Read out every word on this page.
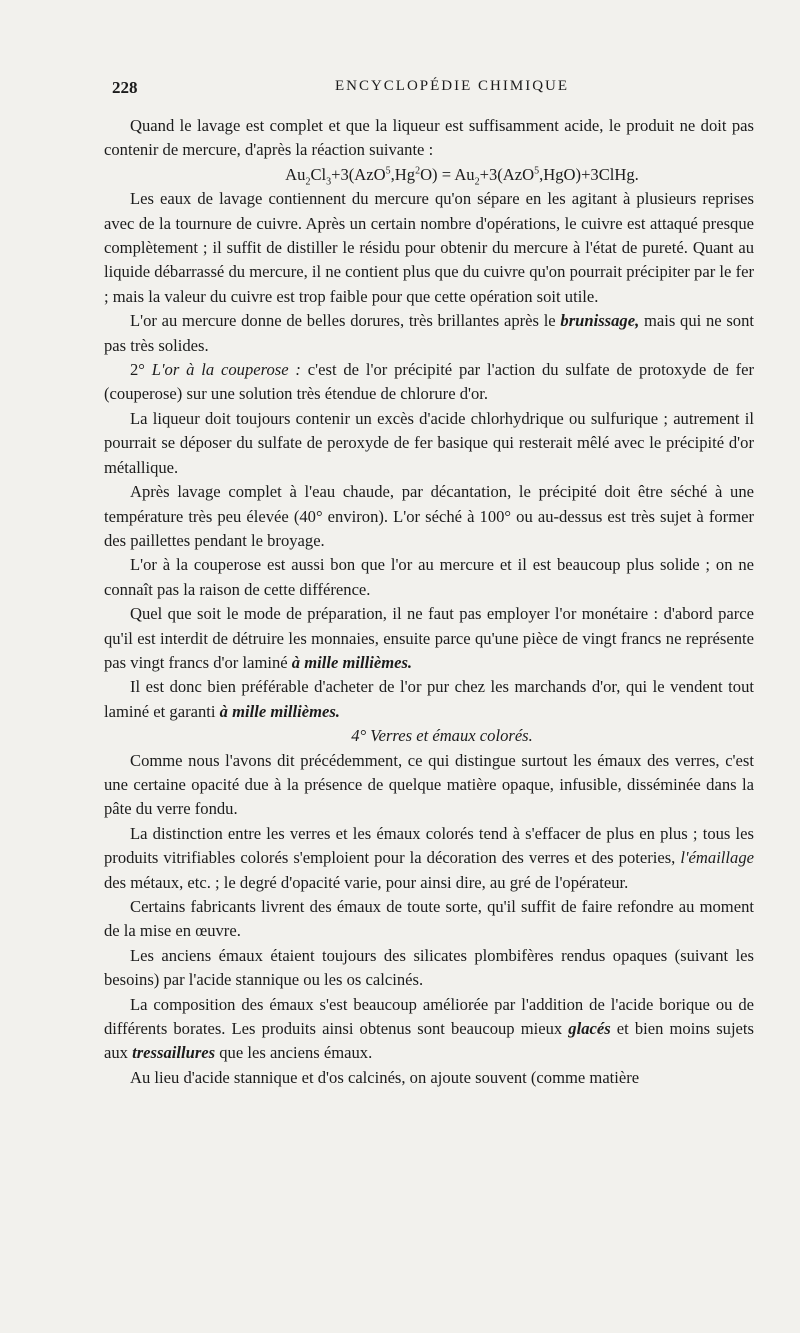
228	ENCYCLOPÉDIE CHIMIQUE

Quand le lavage est complet et que la liqueur est suffisamment acide, le produit ne doit pas contenir de mercure, d'après la réaction suivante :

$Au_2Cl_3+3(AzO^5,Hg^2O)$ = $Au_2+3(AzO^5,HgO)+3ClHg$.

Les eaux de lavage contiennent du mercure qu'on sépare en les agitant à plusieurs reprises avec de la tournure de cuivre. Après un certain nombre d'opérations, le cuivre est attaqué presque complètement ; il suffit de distiller le résidu pour obtenir du mercure à l'état de pureté. Quant au liquide débarrassé du mercure, il ne contient plus que du cuivre qu'on pourrait précipiter par le fer ; mais la valeur du cuivre est trop faible pour que cette opération soit utile.

L'or au mercure donne de belles dorures, très brillantes après le brunissage, mais qui ne sont pas très solides.

2° L'or à la couperose : c'est de l'or précipité par l'action du sulfate de protoxyde de fer (couperose) sur une solution très étendue de chlorure d'or.

La liqueur doit toujours contenir un excès d'acide chlorhydrique ou sulfurique ; autrement il pourrait se déposer du sulfate de peroxyde de fer basique qui resterait mêlé avec le précipité d'or métallique.

Après lavage complet à l'eau chaude, par décantation, le précipité doit être séché à une température très peu élevée (40° environ). L'or séché à 100° ou au-dessus est très sujet à former des paillettes pendant le broyage.

L'or à la couperose est aussi bon que l'or au mercure et il est beaucoup plus solide ; on ne connaît pas la raison de cette différence.

Quel que soit le mode de préparation, il ne faut pas employer l'or monétaire : d'abord parce qu'il est interdit de détruire les monnaies, ensuite parce qu'une pièce de vingt francs ne représente pas vingt francs d'or laminé à mille millièmes.

Il est donc bien préférable d'acheter de l'or pur chez les marchands d'or, qui le vendent tout laminé et garanti à mille millièmes.

4° Verres et émaux colorés.

Comme nous l'avons dit précédemment, ce qui distingue surtout les émaux des verres, c'est une certaine opacité due à la présence de quelque matière opaque, infusible, disséminée dans la pâte du verre fondu.

La distinction entre les verres et les émaux colorés tend à s'effacer de plus en plus ; tous les produits vitrifiables colorés s'emploient pour la décoration des verres et des poteries, l'émaillage des métaux, etc. ; le degré d'opacité varie, pour ainsi dire, au gré de l'opérateur.

Certains fabricants livrent des émaux de toute sorte, qu'il suffit de faire refondre au moment de la mise en œuvre.

Les anciens émaux étaient toujours des silicates plombifères rendus opaques (suivant les besoins) par l'acide stannique ou les os calcinés.

La composition des émaux s'est beaucoup améliorée par l'addition de l'acide borique ou de différents borates. Les produits ainsi obtenus sont beaucoup mieux glacés et bien moins sujets aux tressaillures que les anciens émaux.

Au lieu d'acide stannique et d'os calcinés, on ajoute souvent (comme matière
